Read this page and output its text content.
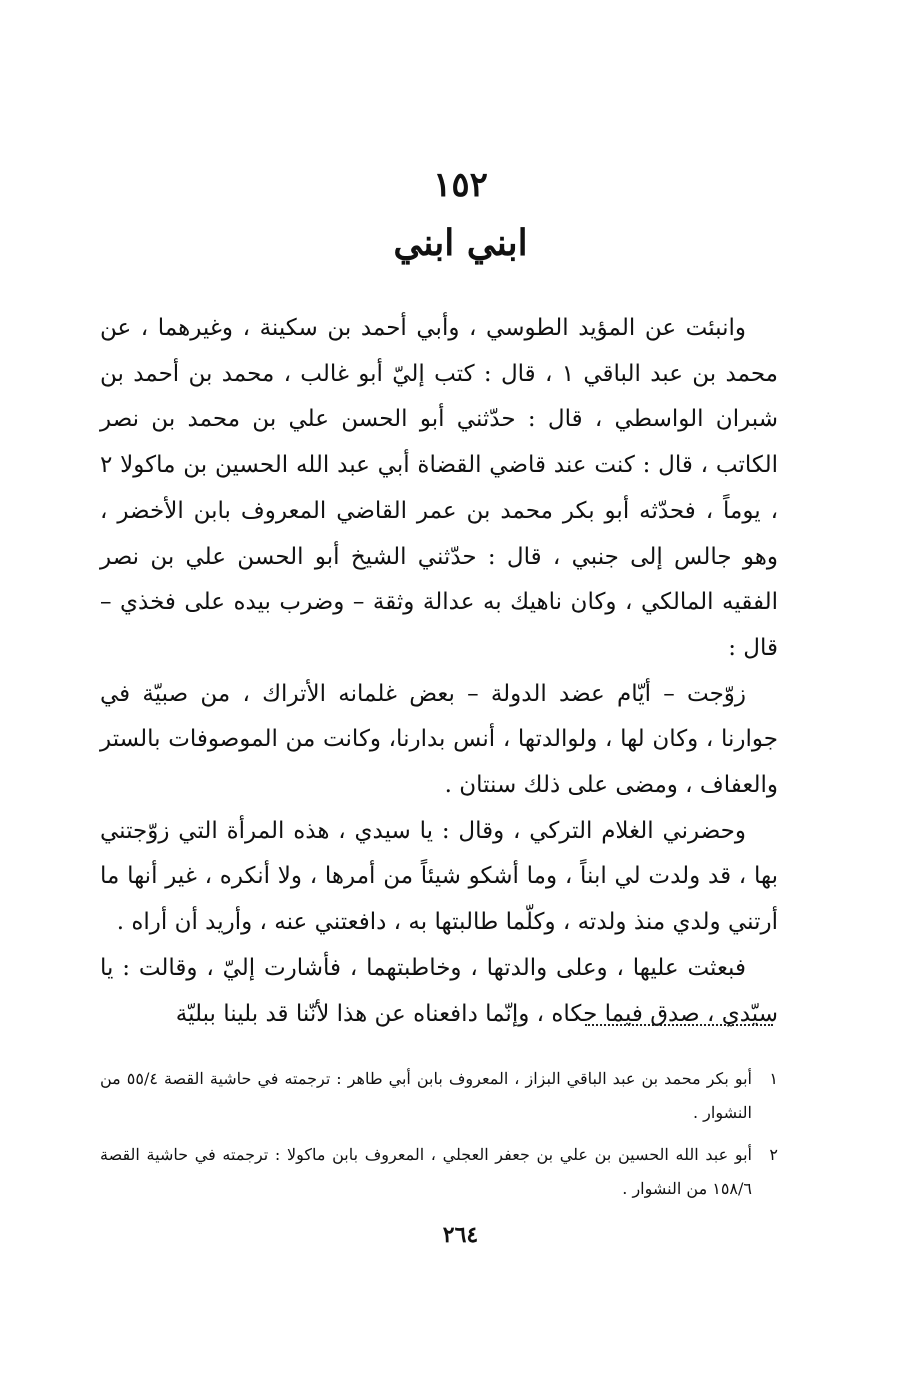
١٥٢
ابني ابني

وانبئت عن المؤيد الطوسي ، وأبي أحمد بن سكينة ، وغيرهما ، عن محمد بن عبد الباقي ١ ، قال : كتب إليّ أبو غالب ، محمد بن أحمد بن شبران الواسطي ، قال : حدّثني أبو الحسن علي بن محمد بن نصر الكاتب ، قال : كنت عند قاضي القضاة أبي عبد الله الحسين بن ماكولا ٢ ، يوماً ، فحدّثه أبو بكر محمد بن عمر القاضي المعروف بابن الأخضر ، وهو جالس إلى جنبي ، قال : حدّثني الشيخ أبو الحسن علي بن نصر الفقيه المالكي ، وكان ناهيك به عدالة وثقة – وضرب بيده على فخذي – قال :

زوّجت – أيّام عضد الدولة – بعض غلمانه الأتراك ، من صبيّة في جوارنا ، وكان لها ، ولوالدتها ، أنس بدارنا، وكانت من الموصوفات بالستر والعفاف ، ومضى على ذلك سنتان .

وحضرني الغلام التركي ، وقال : يا سيدي ، هذه المرأة التي زوّجتني بها ، قد ولدت لي ابناً ، وما أشكو شيئاً من أمرها ، ولا أنكره ، غير أنها ما أرتني ولدي منذ ولدته ، وكلّما طالبتها به ، دافعتني عنه ، وأريد أن أراه .

فبعثت عليها ، وعلى والدتها ، وخاطبتهما ، فأشارت إليّ ، وقالت : يا سيّدي ، صدق فيما حكاه ، وإنّما دافعناه عن هذا لأنّنا قد بلينا ببليّة

١
أبو بكر محمد بن عبد الباقي البزاز ، المعروف بابن أبي طاهر : ترجمته في حاشية القصة ٥٥/٤ من النشوار .
٢
أبو عبد الله الحسين بن علي بن جعفر العجلي ، المعروف بابن ماكولا : ترجمته في حاشية القصة ١٥٨/٦ من النشوار .
٢٦٤
